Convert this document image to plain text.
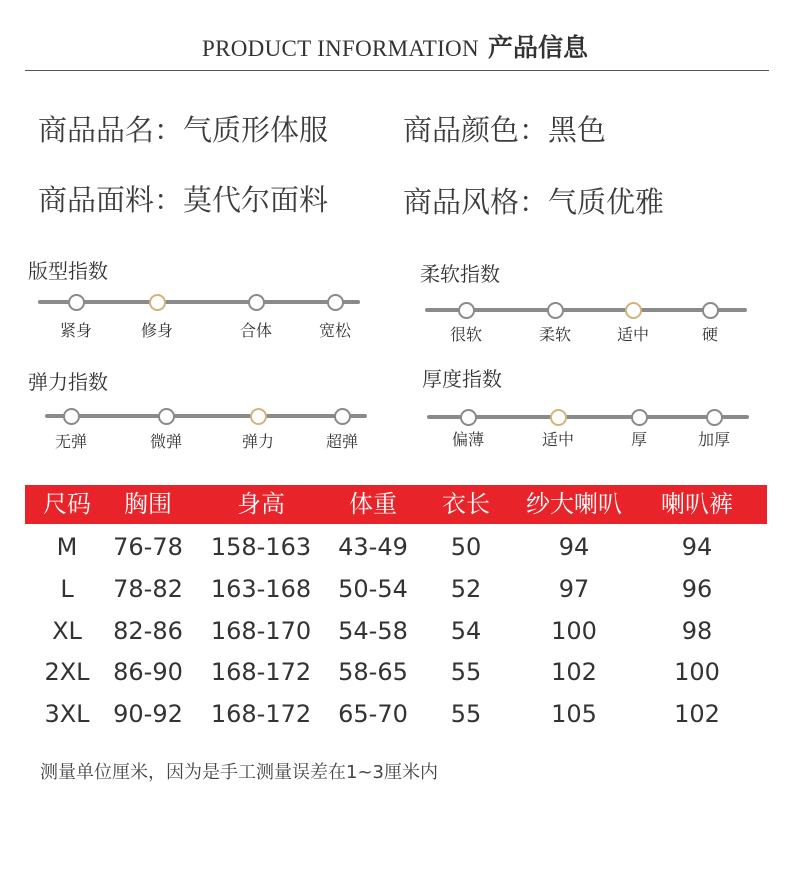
PRODUCT INFORMATION 产品信息
商品品名：气质形体服	商品颜色：黑色
商品面料：莫代尔面料	商品风格：气质优雅
版型指数
紧身	修身	合体	宽松
柔软指数
很软	柔软	适中	硬
弹力指数
无弹	微弹	弹力	超弹
厚度指数
偏薄	适中	厚	加厚
尺码 胸围	身高	体重 衣长 纱大喇叭 喇叭裤
M 76-78 158-163 43-49 50	94	94
L 78-82 163-168 50-54 52	97	96
XL 82-86 168-170 54-58 54	100	98
2XL 86-90 168-172 58-65 55	102	100
3XL 90-92 168-172 65-70 55	105	102
测量单位厘米，因为是手工测量误差在1~3厘米内
